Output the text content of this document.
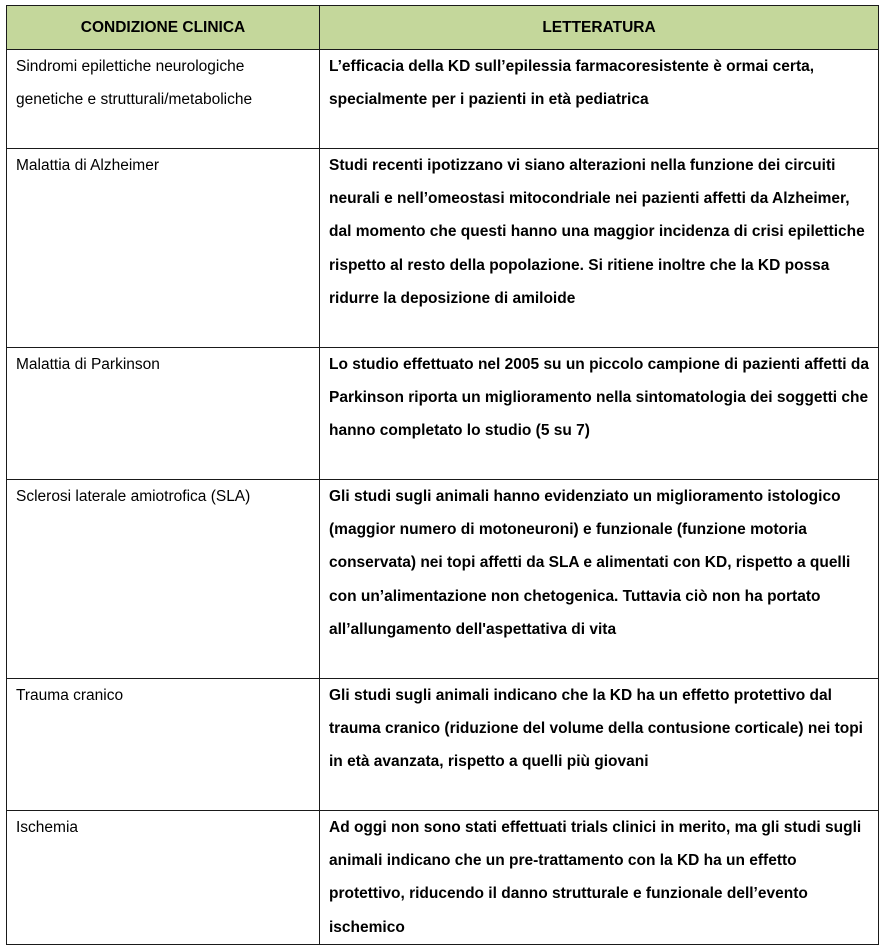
CONDIZIONE CLINICA	LETTERATURA
Sindromi epilettiche neurologiche genetiche e strutturali/metaboliche	L’efficacia della KD sull’epilessia farmacoresistente è ormai certa, specialmente per i pazienti in età pediatrica
Malattia di Alzheimer	Studi recenti ipotizzano vi siano alterazioni nella funzione dei circuiti neurali e nell’omeostasi mitocondriale nei pazienti affetti da Alzheimer, dal momento che questi hanno una maggior incidenza di crisi epilettiche rispetto al resto della popolazione. Si ritiene inoltre che la KD possa ridurre la deposizione di amiloide
Malattia di Parkinson	Lo studio effettuato nel 2005 su un piccolo campione di pazienti affetti da Parkinson riporta un miglioramento nella sintomatologia dei soggetti che hanno completato lo studio (5 su 7)
Sclerosi laterale amiotrofica (SLA)	Gli studi sugli animali hanno evidenziato un miglioramento istologico (maggior numero di motoneuroni) e funzionale (funzione motoria conservata) nei topi affetti da SLA e alimentati con KD, rispetto a quelli con un’alimentazione non chetogenica. Tuttavia ciò non ha portato all’allungamento dell'aspettativa di vita
Trauma cranico	Gli studi sugli animali indicano che la KD ha un effetto protettivo dal trauma cranico (riduzione del volume della contusione corticale) nei topi in età avanzata, rispetto a quelli più giovani
Ischemia	Ad oggi non sono stati effettuati trials clinici in merito, ma gli studi sugli animali indicano che un pre-trattamento con la KD ha un effetto protettivo, riducendo il danno strutturale e funzionale dell’evento ischemico
